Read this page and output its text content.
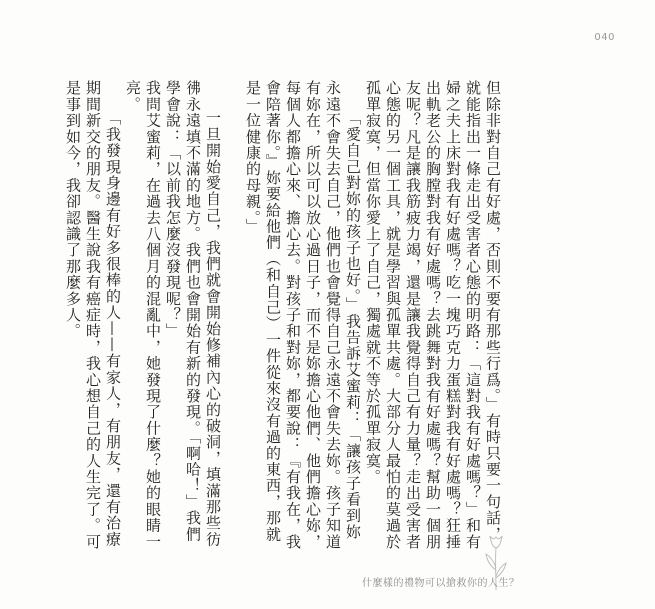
040

但除非對自己有好處，否則不要有那些行爲。」有時只要一句話，就能指出一條走出受害者心態的明路：「這對我有好處嗎？」和有婦之夫上床對我有好處嗎？吃一塊巧克力蛋糕對我有好處嗎？狂捶出軌老公的胸膛對我有好處嗎？去跳舞對我有好處嗎？幫助一個朋友呢？凡是讓我筋疲力竭，還是讓我覺得自己有力量？走出受害者心態的另一個工具，就是學習與孤單共處。大部分人最怕的莫過於孤單寂寞，但當你愛上了自己，獨處就不等於孤單寂寞。

「愛自己對妳的孩子也好。」我告訴艾蜜莉：「讓孩子看到妳永遠不會失去自己，他們也會覺得自己永遠不會失去妳。孩子知道有妳在，所以可以放心過日子，而不是妳擔心他們、他們擔心妳，每個人都擔心來、擔心去。對孩子和對妳，都要說：『有我在，我會陪著你。』妳要給他們（和自己）一件從來沒有過的東西，那就是一位健康的母親。」

一旦開始愛自己，我們就會開始修補內心的破洞，填滿那些彷彿永遠填不滿的地方。我們也會開始有新的發現。「啊哈！」我們學會說：「以前我怎麼沒發現呢？」

我問艾蜜莉，在過去八個月的混亂中，她發現了什麼？她的眼睛一亮。

「我發現身邊有好多很棒的人——有家人，有朋友，還有治療期間新交的朋友。醫生說我有癌症時，我心想自己的人生完了。可是事到如今，我卻認識了那麼多人。

什麼樣的禮物可以搶救你的人生？
